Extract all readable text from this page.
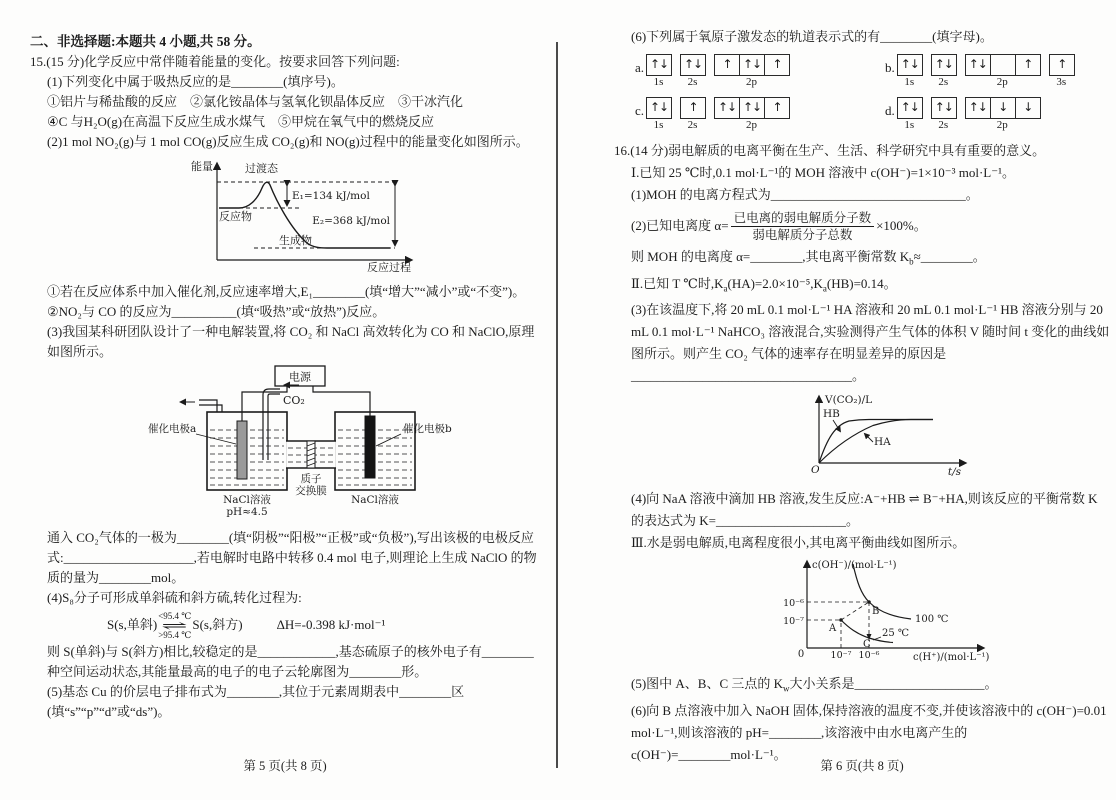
二、非选择题:本题共 4 小题,共 58 分。

15.(15 分)化学反应中常伴随着能量的变化。按要求回答下列问题:

(1)下列变化中属于吸热反应的是________(填序号)。

①铝片与稀盐酸的反应　②氯化铵晶体与氢氧化钡晶体反应　③干冰汽化

④C 与H₂O(g)在高温下反应生成水煤气　⑤甲烷在氧气中的燃烧反应

(2)1 mol NO₂(g)与 1 mol CO(g)反应生成 CO₂(g)和 NO(g)过程中的能量变化如图所示。

能量
反应过程
E₁=134 kJ/mol
E₂=368 kJ/mol
过渡态
反应物
生成物

①若在反应体系中加入催化剂,反应速率增大,E₁________(填“增大”“减小”或“不变”)。

②NO₂与 CO 的反应为__________(填“吸热”或“放热”)反应。

(3)我国某科研团队设计了一种电解装置,将 CO₂ 和 NaCl 高效转化为 CO 和 NaClO,原理如图所示。

电源
CO₂
催化电极a	催化电极b
质子
交换膜
NaCl溶液
pH≈4.5
NaCl溶液

通入 CO₂气体的一极为________(填“阴极”“阳极”“正极”或“负极”),写出该极的电极反应式:____________________,若电解时电路中转移 0.4 mol 电子,则理论上生成 NaClO 的物质的量为________mol。

(4)S₈分子可形成单斜硫和斜方硫,转化过程为:

S(s,单斜)
<95.4 ℃
⇌
>95.4 ℃
S(s,斜方)	ΔH=-0.398 kJ·mol⁻¹

则 S(单斜)与 S(斜方)相比,较稳定的是____________,基态硫原子的核外电子有________种空间运动状态,其能量最高的电子的电子云轮廓图为________形。

(5)基态 Cu 的价层电子排布式为________,其位于元素周期表中________区(填“s”“p”“d”或“ds”)。

(6)下列属于氧原子激发态的轨道表示式的有________(填字母)。

a. ↑↓
1s
↑↓
2s
↑ ↑↓ ↑
2p
b. ↑↓
1s
↑↓
2s
↑↓	↑
2p
↑
3s
c. ↑↓
1s
↑
2s
↑↓ ↑↓ ↑
2p
d. ↑↓
1s
↑↓
2s
↑↓ ↓	↓
2p

16.(14 分)弱电解质的电离平衡在生产、生活、科学研究中具有重要的意义。

Ⅰ.已知 25 ℃时,0.1 mol·L⁻¹的 MOH 溶液中 c(OH⁻)=1×10⁻³ mol·L⁻¹。

(1)MOH 的电离方程式为______________________________。

(2)已知电离度 $\alpha= \frac{\text{已电离的弱电解质分子数}}{\text{弱电解质分子总数}} \times 100\%$。

则 MOH 的电离度 α=________,其电离平衡常数 $K_b\approx\_\_\_\_\_\_\_\_$。

Ⅱ.已知 T ℃时$,K_a(HA)=2.0\times 10^{-5},K_a(HB)=0.14$。

(3)在该温度下,将 20 mL 0.1 mol·L⁻¹ HA 溶液和 20 mL 0.1 mol·L⁻¹ HB 溶液分别与 20 mL 0.1 mol·L⁻¹ NaHCO₃ 溶液混合,实验测得产生气体的体积 V 随时间 t 变化的曲线如图所示。则产生 CO₂ 气体的速率存在明显差异的原因是__________________________________。

V(CO₂)/L
t/s
O
HB
HA

(4)向 NaA 溶液中滴加 HB 溶液,发生反应:A⁻+HB ⇌ B⁻+HA,则该反应的平衡常数 K 的表达式为 K=____________________。

Ⅲ.水是弱电解质,电离程度很小,其电离平衡曲线如图所示。

c(OH⁻)/(mol·L⁻¹)
c(H⁺)/(mol·L⁻¹)
0	10⁻⁷ 10⁻⁶
10⁻⁶
10⁻⁷	100 ℃
25 ℃
A
B
C

(5)图中 A、B、C 三点的 $K_w$大小关系是____________________。

(6)向 B 点溶液中加入 NaOH 固体,保持溶液的温度不变,并使该溶液中的 c(OH⁻)=0.01 mol·L⁻¹,则该溶液的 pH=________,该溶液中由水电离产生的c(OH⁻)=________mol·L⁻¹。

第 5 页(共 8 页)	第 6 页(共 8 页)
